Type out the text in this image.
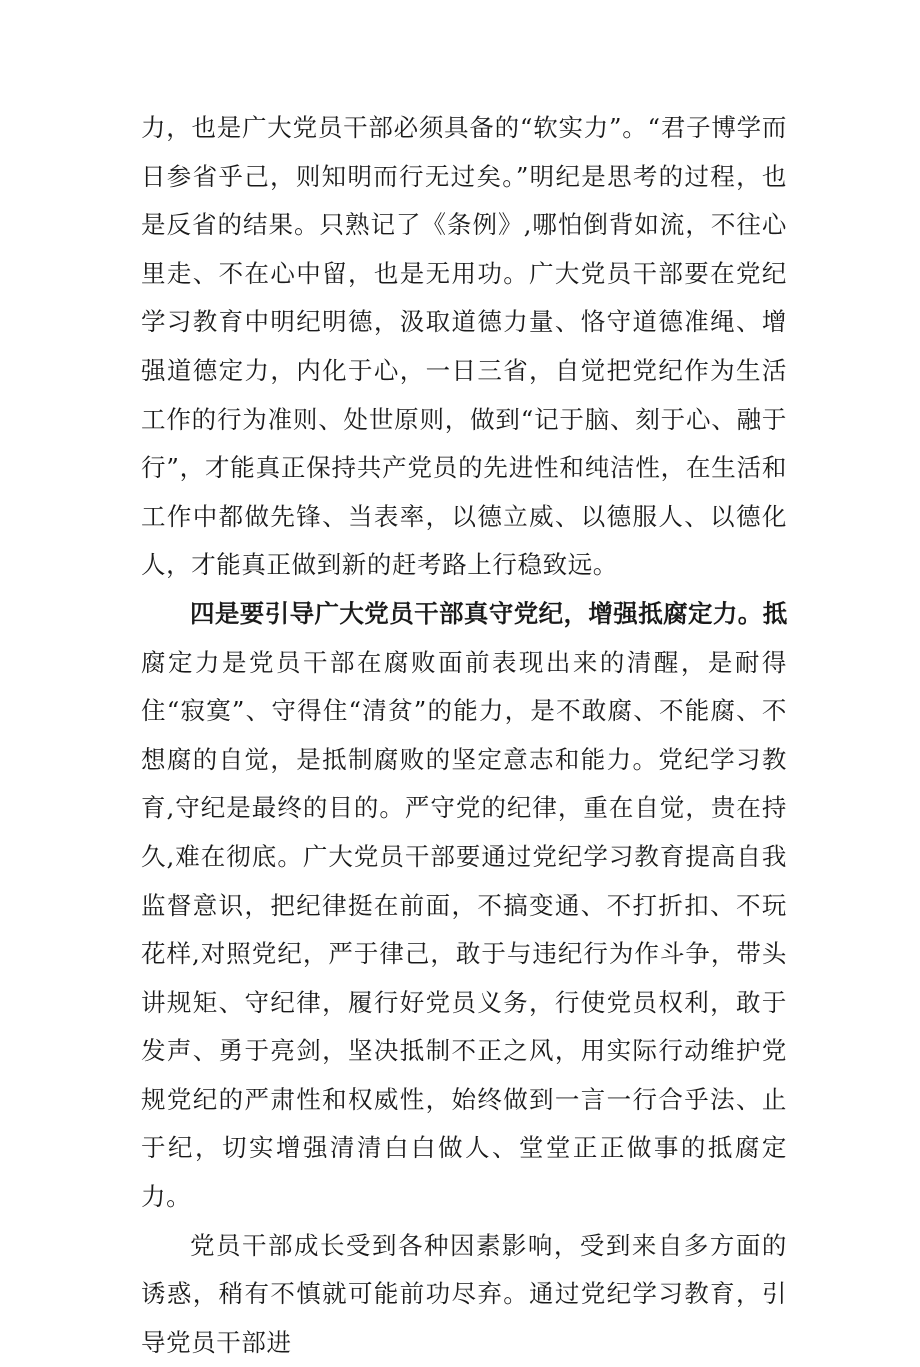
力，也是广大党员干部必须具备的“软实力”。“君子博学而日参省乎己，则知明而行无过矣。”明纪是思考的过程，也是反省的结果。只熟记了《条例》,哪怕倒背如流，不往心里走、不在心中留，也是无用功。广大党员干部要在党纪学习教育中明纪明德，汲取道德力量、恪守道德准绳、增强道德定力，内化于心，一日三省，自觉把党纪作为生活工作的行为准则、处世原则，做到“记于脑、刻于心、融于行”，才能真正保持共产党员的先进性和纯洁性，在生活和工作中都做先锋、当表率，以德立威、以德服人、以德化人，才能真正做到新的赶考路上行稳致远。

四是要引导广大党员干部真守党纪，增强抵腐定力。抵腐定力是党员干部在腐败面前表现出来的清醒，是耐得住“寂寞”、守得住“清贫”的能力，是不敢腐、不能腐、不想腐的自觉，是抵制腐败的坚定意志和能力。党纪学习教育,守纪是最终的目的。严守党的纪律，重在自觉，贵在持久,难在彻底。广大党员干部要通过党纪学习教育提高自我监督意识，把纪律挺在前面，不搞变通、不打折扣、不玩花样,对照党纪，严于律己，敢于与违纪行为作斗争，带头讲规矩、守纪律，履行好党员义务，行使党员权利，敢于发声、勇于亮剑，坚决抵制不正之风，用实际行动维护党规党纪的严肃性和权威性，始终做到一言一行合乎法、止于纪，切实增强清清白白做人、堂堂正正做事的抵腐定力。

党员干部成长受到各种因素影响，受到来自多方面的诱惑，稍有不慎就可能前功尽弃。通过党纪学习教育，引导党员干部进
